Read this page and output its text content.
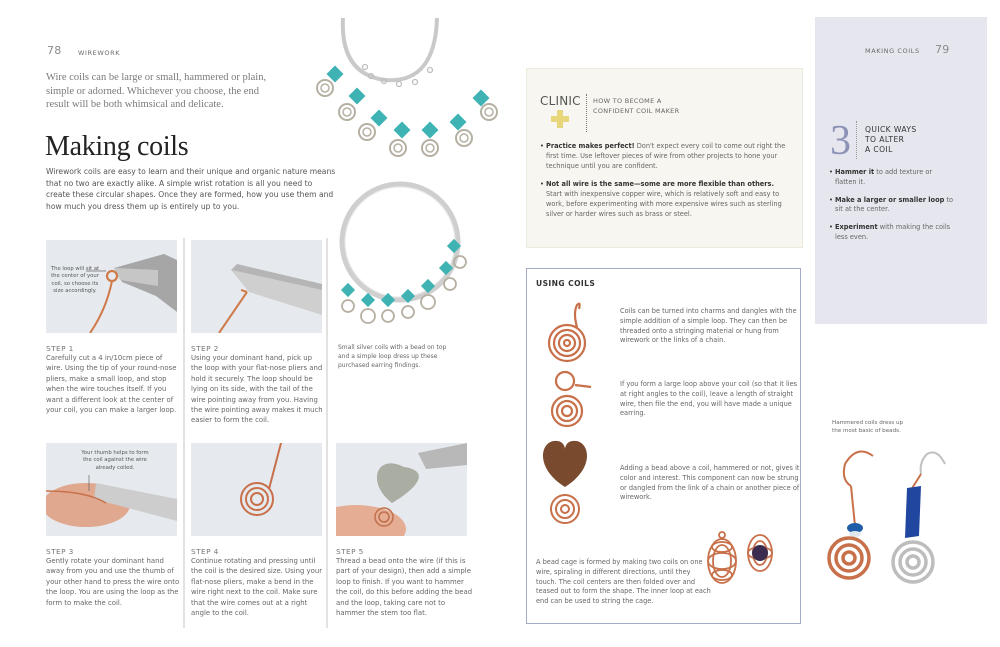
78	WIREWORK
Wire coils can be large or small, hammered or plain, simple or adorned. Whichever you choose, the end result will be both whimsical and delicate.
Making coils
Wirework coils are easy to learn and their unique and organic nature means that no two are exactly alike. A simple wrist rotation is all you need to create these circular shapes. Once they are formed, how you use them and how much you dress them up is entirely up to you.
Small silver coils with a bead on top and a simple loop dress up these purchased earring findings.
The loop will sit at the center of your coil, so choose its size accordingly.
STEP 1
Carefully cut a 4 in/10cm piece of wire. Using the tip of your round-nose pliers, make a small loop, and stop when the wire touches itself. If you want a different look at the center of your coil, you can make a larger loop.
STEP 2
Using your dominant hand, pick up the loop with your flat-nose pliers and hold it securely. The loop should be lying on its side, with the tail of the wire pointing away from you. Having the wire pointing away makes it much easier to form the coil.
Your thumb helps to form the coil against the wire already coiled.
STEP 3
Gently rotate your dominant hand away from you and use the thumb of your other hand to press the wire onto the loop. You are using the loop as the form to make the coil.
STEP 4
Continue rotating and pressing until the coil is the desired size. Using your flat-nose pliers, make a bend in the wire right next to the coil. Make sure that the wire comes out at a right angle to the coil.
STEP 5
Thread a bead onto the wire (if this is part of your design), then add a simple loop to finish. If you want to hammer the coil, do this before adding the bead and the loop, taking care not to hammer the stem too flat.
CLINIC HOW TO BECOME A
CONFIDENT COIL MAKER
• Practice makes perfect! Don't expect every coil to come out right the first time. Use leftover pieces of wire from other projects to hone your technique until you are confident.
• Not all wire is the same—some are more flexible than others. Start with inexpensive copper wire, which is relatively soft and easy to work, before experimenting with more expensive wires such as sterling silver or harder wires such as brass or steel.
USING COILS
Coils can be turned into charms and dangles with the simple addition of a simple loop. They can then be threaded onto a stringing material or hung from wirework or the links of a chain.
If you form a large loop above your coil (so that it lies at right angles to the coil), leave a length of straight wire, then file the end, you will have made a unique earring.
Adding a bead above a coil, hammered or not, gives it color and interest. This component can now be strung or dangled from the link of a chain or another piece of wirework.
A bead cage is formed by making two coils on one wire, spiraling in different directions, until they touch. The coil centers are then folded over and teased out to form the shape. The inner loop at each end can be used to string the cage.
MAKING COILS 79
3 QUICK WAYS
TO ALTER
A COIL
• Hammer it to add texture or flatten it.
• Make a larger or smaller loop to sit at the center.
• Experiment with making the coils less even.
Hammered coils dress up the most basic of beads.
